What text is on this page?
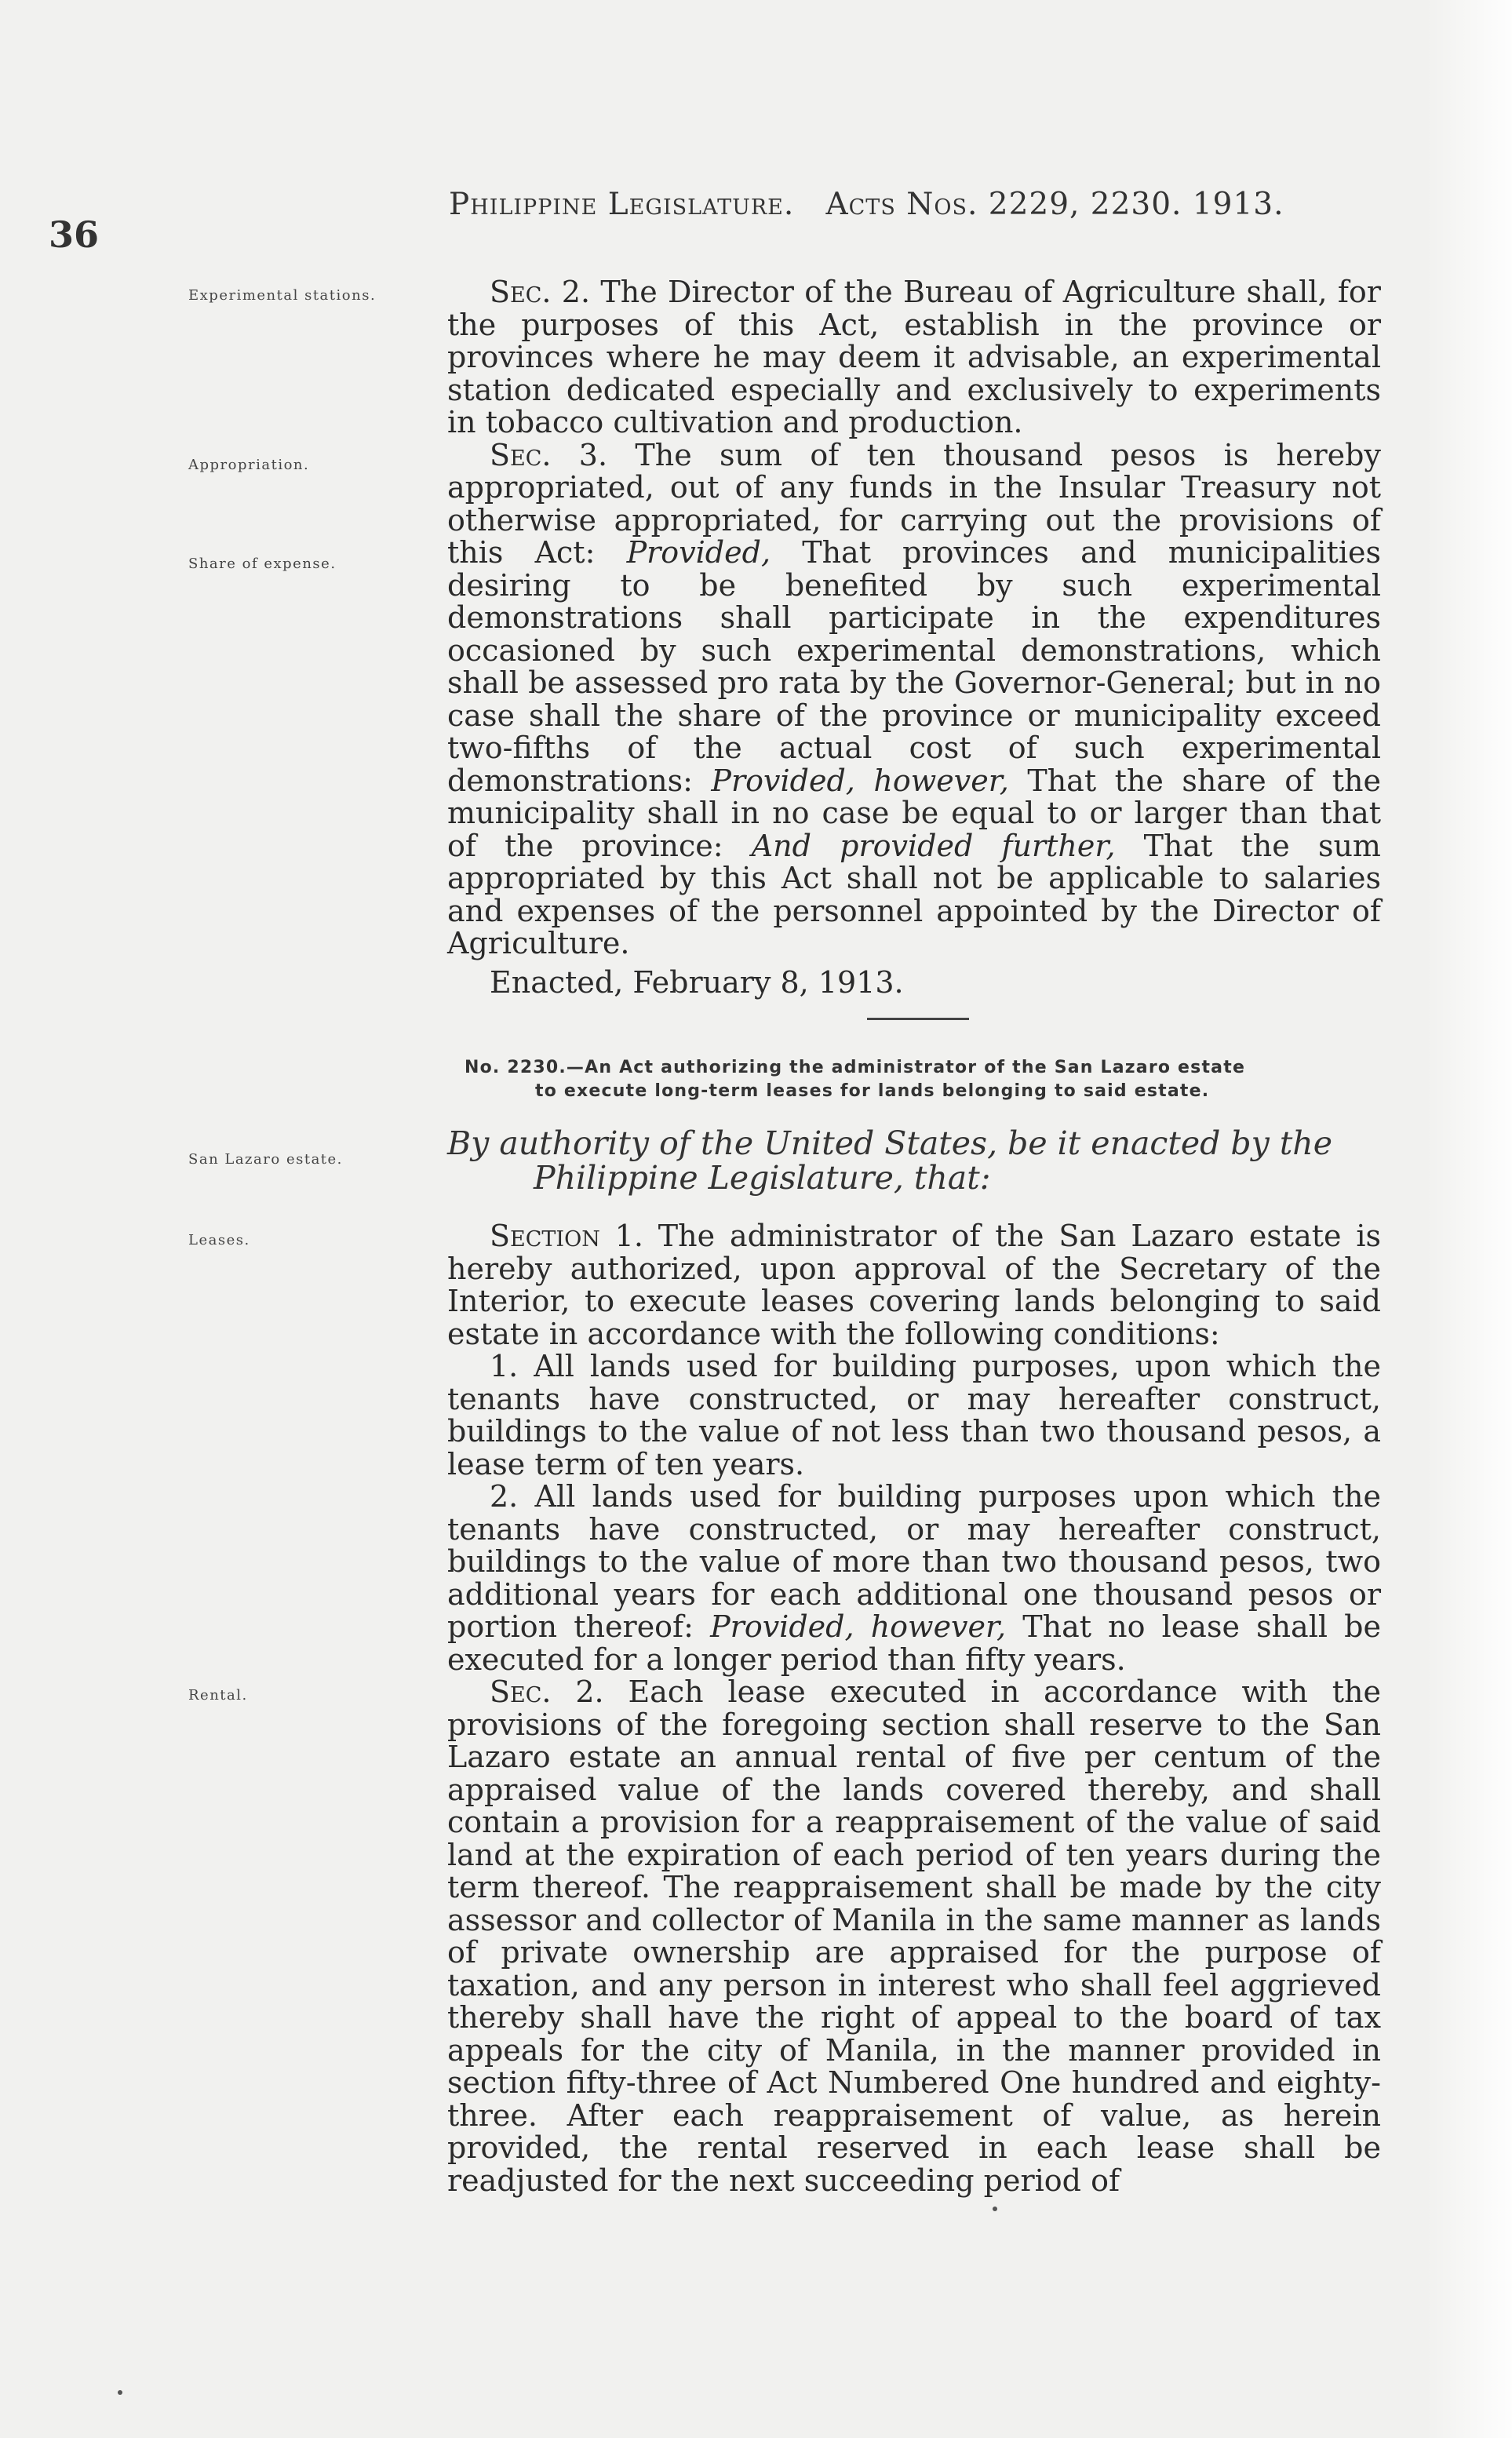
36
Philippine Legislature. Acts Nos. 2229, 2230. 1913.
Experimental stations.
Appropriation.
Share of expense.
San Lazaro estate.
Leases.
Rental.

Sec. 2. The Director of the Bureau of Agriculture shall, for the purposes of this Act, establish in the province or provinces where he may deem it advisable, an experimental station dedicated especially and exclusively to experiments in tobacco cultivation and production.

Sec. 3. The sum of ten thousand pesos is hereby appropriated, out of any funds in the Insular Treasury not otherwise appropriated, for carrying out the provisions of this Act: Provided, That provinces and municipalities desiring to be benefited by such experimental demonstrations shall participate in the expenditures occasioned by such experimental demonstrations, which shall be assessed pro rata by the Governor-General; but in no case shall the share of the province or municipality exceed two-fifths of the actual cost of such experimental demonstrations: Provided, however, That the share of the municipality shall in no case be equal to or larger than that of the province: And provided further, That the sum appropriated by this Act shall not be applicable to salaries and expenses of the personnel appointed by the Director of Agriculture.

Enacted, February 8, 1913.

No. 2230.—An Act authorizing the administrator of the San Lazaro estate
to execute long-term leases for lands belonging to said estate.
By authority of the United States, be it enacted by the
Philippine Legislature, that:

Section 1. The administrator of the San Lazaro estate is hereby authorized, upon approval of the Secretary of the Interior, to execute leases covering lands belonging to said estate in accordance with the following conditions:

1. All lands used for building purposes, upon which the tenants have constructed, or may hereafter construct, buildings to the value of not less than two thousand pesos, a lease term of ten years.

2. All lands used for building purposes upon which the tenants have constructed, or may hereafter construct, buildings to the value of more than two thousand pesos, two additional years for each additional one thousand pesos or portion thereof: Provided, however, That no lease shall be executed for a longer period than fifty years.

Sec. 2. Each lease executed in accordance with the provisions of the foregoing section shall reserve to the San Lazaro estate an annual rental of five per centum of the appraised value of the lands covered thereby, and shall contain a provision for a reappraisement of the value of said land at the expiration of each period of ten years during the term thereof. The reappraisement shall be made by the city assessor and collector of Manila in the same manner as lands of private ownership are appraised for the purpose of taxation, and any person in interest who shall feel aggrieved thereby shall have the right of appeal to the board of tax appeals for the city of Manila, in the manner provided in section fifty-three of Act Numbered One hundred and eighty-three. After each reappraisement of value, as herein provided, the rental reserved in each lease shall be readjusted for the next succeeding period of
